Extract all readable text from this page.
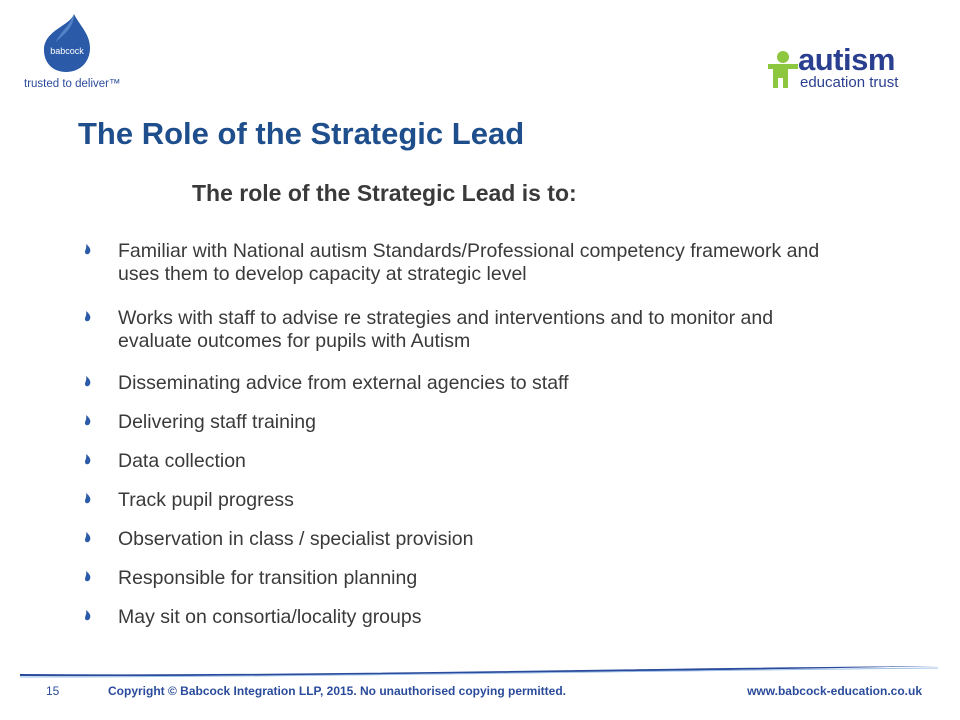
babcock
trusted to deliver™
autism
education trust
The Role of the Strategic Lead
The role of the Strategic Lead is to:
Familiar with National autism Standards/Professional competency framework and uses them to develop capacity at strategic level
Works with staff to advise re strategies and interventions and to monitor and evaluate outcomes for pupils with Autism
Disseminating advice from external agencies to staff
Delivering staff training
Data collection
Track pupil progress
Observation in class / specialist provision
Responsible for transition planning
May sit on consortia/locality groups
15	Copyright © Babcock Integration LLP, 2015. No unauthorised copying permitted.	www.babcock-education.co.uk
